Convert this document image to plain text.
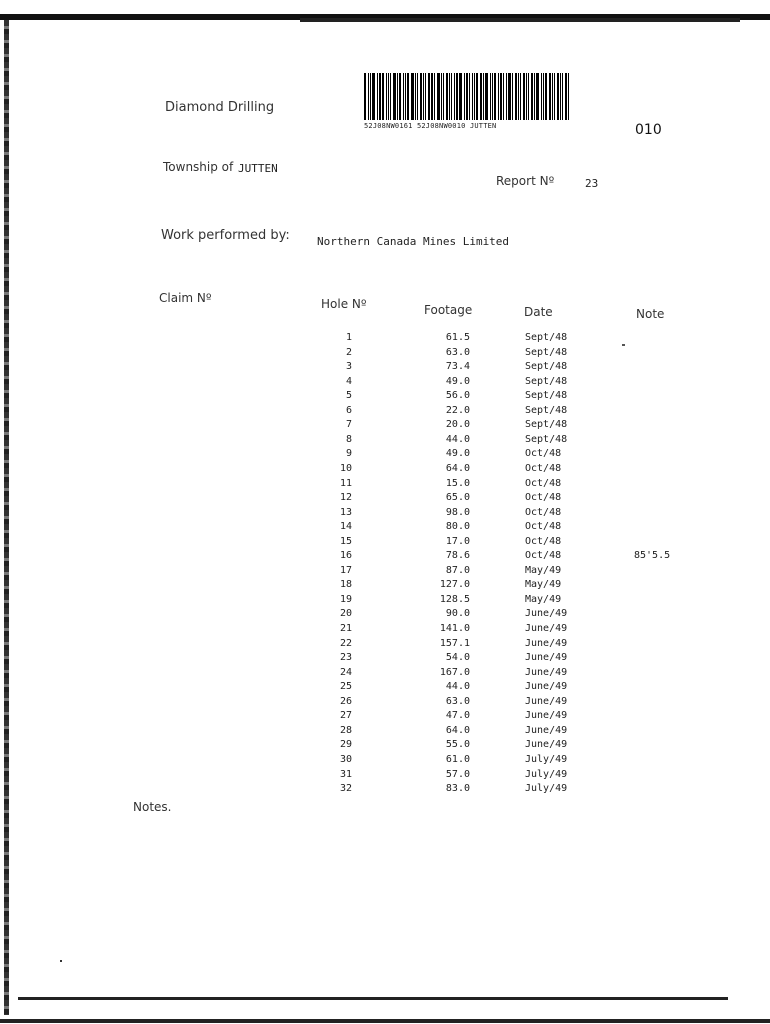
Diamond Drilling
52J08NW0161 52J08NW0010 JUTTEN	010
Township of JUTTEN
Report Nº	23
Work performed by: Northern Canada Mines Limited
Claim Nº	Hole Nº	Footage	Date	Note
1	61.5	Sept/48
2	63.0	Sept/48
3	73.4	Sept/48
4	49.0	Sept/48
5	56.0	Sept/48
6	22.0	Sept/48
7	20.0	Sept/48
8	44.0	Sept/48
9	49.0	Oct/48
10	64.0	Oct/48
11	15.0	Oct/48
12	65.0	Oct/48
13	98.0	Oct/48
14	80.0	Oct/48
15	17.0	Oct/48
16	78.6	Oct/48	85'5.5
17	87.0	May/49
18	127.0	May/49
19	128.5	May/49
20	90.0	June/49
21	141.0	June/49
22	157.1	June/49
23	54.0	June/49
24	167.0	June/49
25	44.0	June/49
26	63.0	June/49
27	47.0	June/49
28	64.0	June/49
29	55.0	June/49
30	61.0	July/49
31	57.0	July/49
32	83.0	July/49
Notes.
